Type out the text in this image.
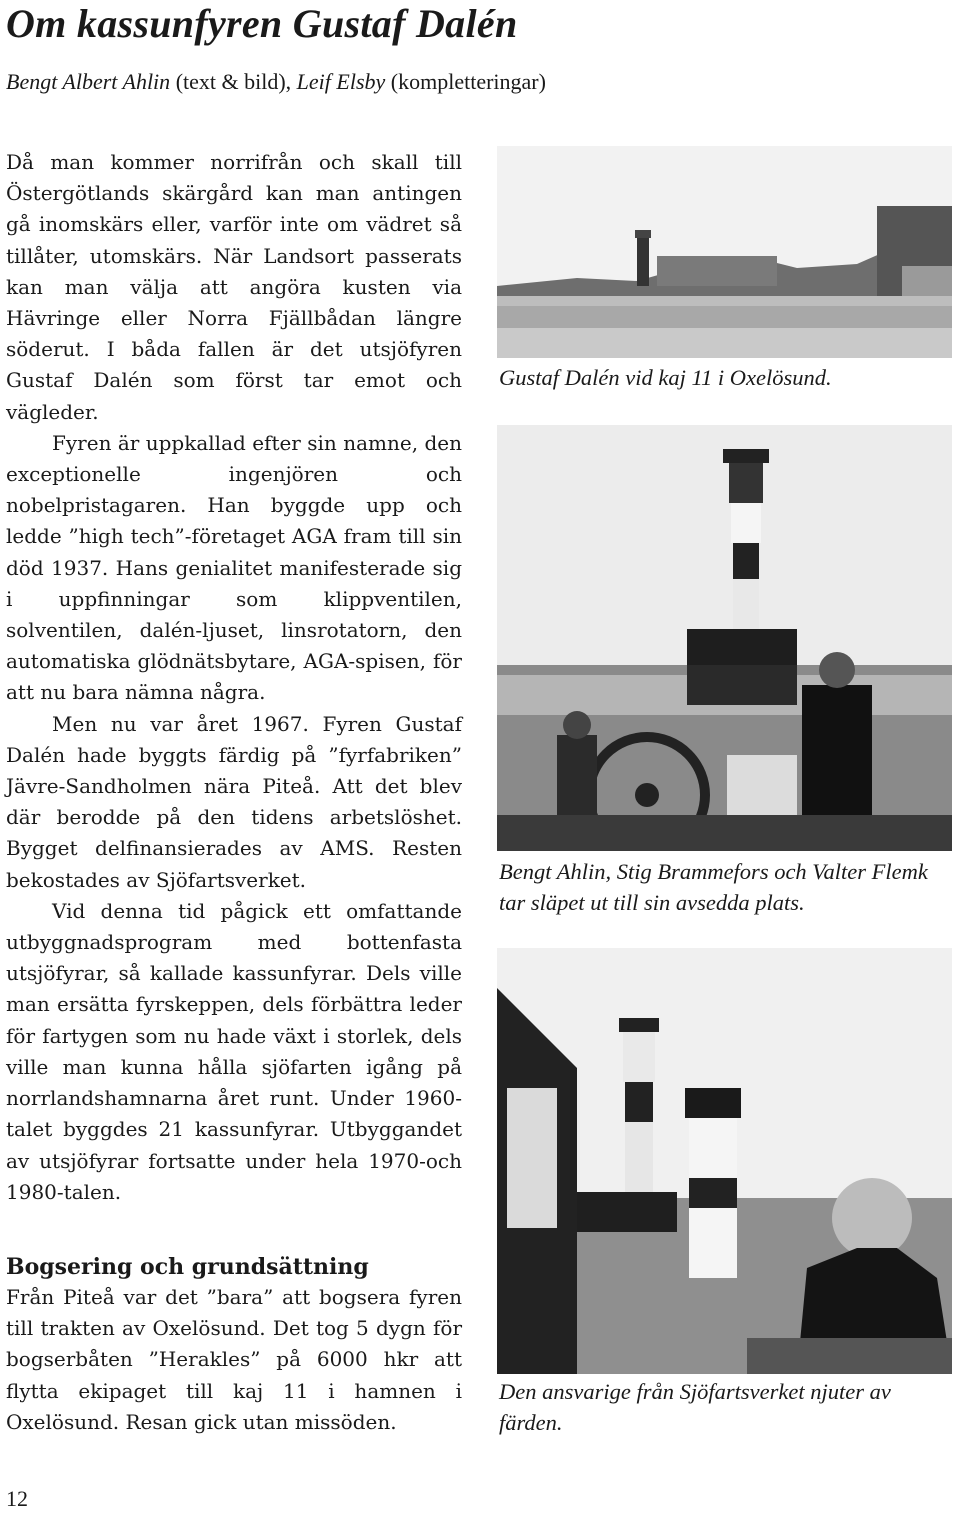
Om kassunfyren Gustaf Dalén

Bengt Albert Ahlin (text & bild), Leif Elsby (kompletteringar)

Då man kommer norrifrån och skall till Östergötlands skärgård kan man antingen gå inomskärs eller, varför inte om vädret så tillåter, utomskärs. När Landsort passerats kan man välja att angöra kusten via Hävringe eller Norra Fjällbådan längre söderut. I båda fallen är det utsjöfyren Gustaf Dalén som först tar emot och vägleder.

Fyren är uppkallad efter sin namne, den exceptionelle ingenjören och nobelpristagaren. Han byggde upp och ledde ”high tech”-företaget AGA fram till sin död 1937. Hans genialitet manifesterade sig i uppfinningar som klippventilen, solventilen, dalén-ljuset, linsrotatorn, den automatiska glödnätsbytare, AGA-spisen, för att nu bara nämna några.

Men nu var året 1967. Fyren Gustaf Dalén hade byggts färdig på ”fyrfabriken” Jävre-Sandholmen nära Piteå. Att det blev där berodde på den tidens arbetslöshet. Bygget delfinansierades av AMS. Resten bekostades av Sjöfartsverket.

Vid denna tid pågick ett omfattande utbyggnadsprogram med bottenfasta utsjöfyrar, så kallade kassunfyrar. Dels ville man ersätta fyrskeppen, dels förbättra leder för fartygen som nu hade växt i storlek, dels ville man kunna hålla sjöfarten igång på norrlandshamnarna året runt. Under 1960-talet byggdes 21 kassunfyrar. Utbyggandet av utsjöfyrar fortsatte under hela 1970-och 1980-talen.

Bogsering och grundsättning

Från Piteå var det ”bara” att bogsera fyren till trakten av Oxelösund. Det tog 5 dygn för bogserbåten ”Herakles” på 6000 hkr att flytta ekipaget till kaj 11 i hamnen i Oxelösund. Resan gick utan missöden.

Gustaf Dalén vid kaj 11 i Oxelösund.

Bengt Ahlin, Stig Brammefors och Valter Flemk tar släpet ut till sin avsedda plats.

Den ansvarige från Sjöfartsverket njuter av färden.

12
